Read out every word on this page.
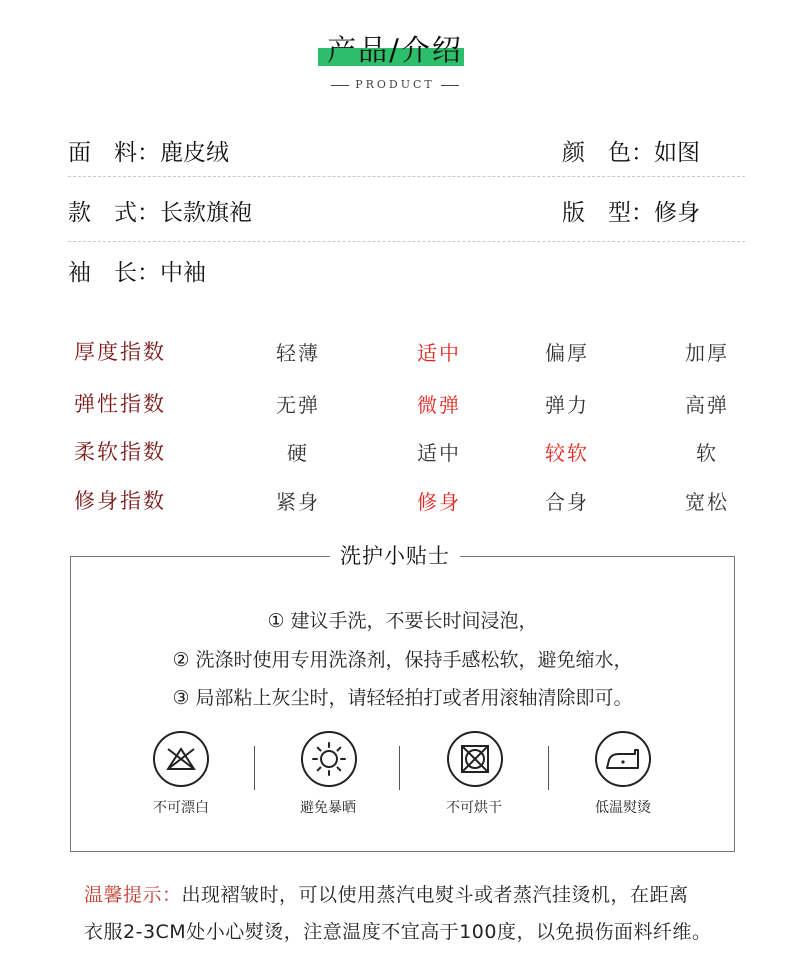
产品/介绍
PRODUCT
面　料：鹿皮绒	颜　色：如图
款　式：长款旗袍	版　型：修身
袖　长：中袖
厚度指数	轻薄	适中	偏厚	加厚
弹性指数	无弹	微弹	弹力	高弹
柔软指数	硬	适中	较软	软
修身指数	紧身	修身	合身	宽松
洗护小贴士
① 建议手洗，不要长时间浸泡，
② 洗涤时使用专用洗涤剂，保持手感松软，避免缩水，
③ 局部粘上灰尘时，请轻轻拍打或者用滚轴清除即可。
不可漂白	避免暴晒	不可烘干	低温熨烫
温馨提示：出现褶皱时，可以使用蒸汽电熨斗或者蒸汽挂烫机，在距离
衣服2-3CM处小心熨烫，注意温度不宜高于100度，以免损伤面料纤维。
